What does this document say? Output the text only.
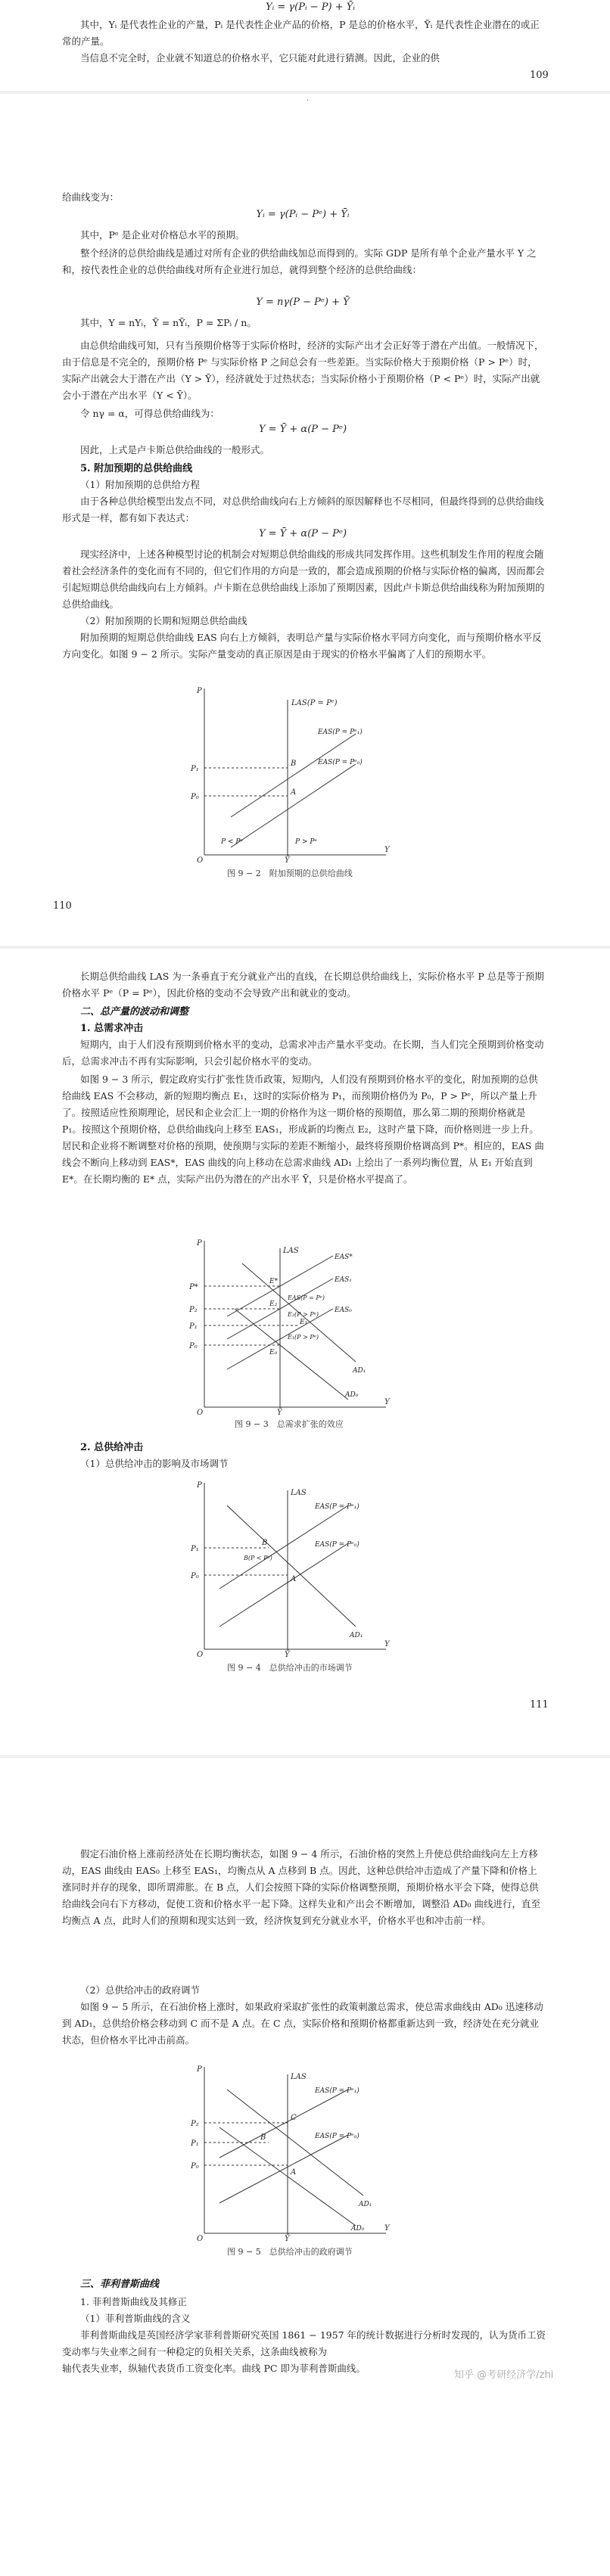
Yᵢ = γ(Pᵢ − P) + Ȳᵢ

其中，Yᵢ 是代表性企业的产量，Pᵢ 是代表性企业产品的价格，P 是总的价格水平，Ȳᵢ 是代表性企业潜在的或正常的产量。

当信息不完全时，企业就不知道总的价格水平，它只能对此进行猜测。因此，企业的供

109
·

给曲线变为：

Yᵢ = γ(Pᵢ − Pᵉ) + Ȳᵢ

其中，Pᵉ 是企业对价格总水平的预期。

整个经济的总供给曲线是通过对所有企业的供给曲线加总而得到的。实际 GDP 是所有单个企业产量水平 Y 之和，按代表性企业的总供给曲线对所有企业进行加总，就得到整个经济的总供给曲线：

Y = nγ(P − Pᵉ) + Ȳ

其中，Y = nYᵢ，Ȳ = nȲᵢ，P = ΣPᵢ / n。

由总供给曲线可知，只有当预期价格等于实际价格时，经济的实际产出才会正好等于潜在产出值。一般情况下，由于信息是不完全的，预期价格 Pᵉ 与实际价格 P 之间总会有一些差距。当实际价格大于预期价格（P > Pᵉ）时，实际产出就会大于潜在产出（Y > Ȳ），经济就处于过热状态；当实际价格小于预期价格（P < Pᵉ）时，实际产出就会小于潜在产出水平（Y < Ȳ）。

令 nγ = α，可得总供给曲线为：

Y = Ȳ + α(P − Pᵉ)

因此，上式是卢卡斯总供给曲线的一般形式。

5. 附加预期的总供给曲线

（1）附加预期的总供给方程

由于各种总供给模型出发点不同，对总供给曲线向右上方倾斜的原因解释也不尽相同，但最终得到的总供给曲线形式是一样，都有如下表达式：

Y = Ȳ + α(P − Pᵉ)

现实经济中，上述各种模型讨论的机制会对短期总供给曲线的形成共同发挥作用。这些机制发生作用的程度会随着社会经济条件的变化而有不同的，但它们作用的方向是一致的，都会造成预期的价格与实际价格的偏离，因而都会引起短期总供给曲线向右上方倾斜。卢卡斯在总供给曲线上添加了预期因素，因此卢卡斯总供给曲线称为附加预期的总供给曲线。

（2）附加预期的长期和短期总供给曲线

附加预期的短期总供给曲线 EAS 向右上方倾斜，表明总产量与实际价格水平同方向变化，而与预期价格水平反方向变化。如图 9 − 2 所示。实际产量变动的真正原因是由于现实的价格水平偏离了人们的预期水平。

LAS(P = Pᵉ)
EAS(P = Pᵉ₁)
EAS(P = Pᵉ₀)
P₁
P₀
B
A
P < Pᵉ	P > Pᵉ
P
Y
O	Ȳ
图 9 − 2　附加预期的总供给曲线
110

长期总供给曲线 LAS 为一条垂直于充分就业产出的直线，在长期总供给曲线上，实际价格水平 P 总是等于预期价格水平 Pᵉ（P = Pᵉ），因此价格的变动不会导致产出和就业的变动。

二、总产量的波动和调整

1. 总需求冲击

短期内，由于人们没有预期到价格水平的变动，总需求冲击产量水平变动。在长期，当人们完全预期到价格变动后，总需求冲击不再有实际影响，只会引起价格水平的变动。

如图 9 − 3 所示，假定政府实行扩张性货币政策，短期内，人们没有预期到价格水平的变化，附加预期的总供给曲线 EAS 不会移动，新的短期均衡点 E₁，这时的实际价格为 P₁，而预期价格仍为 P₀，P > Pᵉ，所以产量上升了。按照适应性预期理论，居民和企业会汇上一期的价格作为这一期价格的预期值，那么第二期的预期价格就是 P₁。按照这个预期价格，总供给曲线向上移至 EAS₁，形成新的均衡点 E₂，这时产量下降，而价格则进一步上升。居民和企业将不断调整对价格的预期，使预期与实际的差距不断缩小，最终将预期价格调高到 P*。相应的，EAS 曲线会不断向上移动到 EAS*，EAS 曲线的向上移动在总需求曲线 AD₁ 上绘出了一系列均衡位置，从 E₁ 开始直到 E*。在长期均衡的 E* 点，实际产出仍为潜在的产出水平 Ȳ，只是价格水平提高了。

LAS
EAS*
EAS₁
EAS₀
P*
P₂
P₁
P₀
E*
E₂
E₁
E₀
EAS(P = Pᵉ)
E₂(P > Pᵉ)
E₁(P > Pᵉ)
AD₁
AD₀
P
Y
O	Ȳ
图 9 − 3　总需求扩张的效应

2. 总供给冲击

（1）总供给冲击的影响及市场调节

LAS
EAS(P = Pᵉ₁)
EAS(P = Pᵉ₀)
P₁
P₀
B
A
B(P < Pᵉ)
AD₁
P
Y
O	Ȳ
图 9 − 4　总供给冲击的市场调节
111

假定石油价格上涨前经济处在长期均衡状态，如图 9 − 4 所示，石油价格的突然上升使总供给曲线向左上方移动，EAS 曲线由 EAS₀ 上移至 EAS₁，均衡点从 A 点移到 B 点。因此，这种总供给冲击造成了产量下降和价格上涨同时并存的现象，即所谓滞胀。在 B 点，人们会按照下降的实际价格调整预期，预期价格水平会下降，使得总供给曲线会向右下方移动，促使工资和价格水平一起下降。这样失业和产出会不断增加，调整沿 AD₀ 曲线进行，直至均衡点 A 点，此时人们的预期和现实达到一致，经济恢复到充分就业水平，价格水平也和冲击前一样。

（2）总供给冲击的政府调节

如图 9 − 5 所示，在石油价格上涨时，如果政府采取扩张性的政策刺激总需求，使总需求曲线由 AD₀ 迅速移动到 AD₁，总供给价格会移动到 C 而不是 A 点。在 C 点，实际价格和预期价格都重新达到一致，经济处在充分就业状态，但价格水平比冲击前高。

LAS
EAS(P = Pᵉ₁)
EAS(P = Pᵉ₀)
P₂
P₁
P₀
C
B
A
AD₁
AD₀
P
Y
O	Ȳ
图 9 − 5　总供给冲击的政府调节

三、菲利普斯曲线

1. 菲利普斯曲线及其修正

（1）菲利普斯曲线的含义

菲利普斯曲线是英国经济学家菲利普斯研究英国 1861 − 1957 年的统计数据进行分析时发现的，认为货币工资变动率与失业率之间有一种稳定的负相关关系，这条曲线被称为

轴代表失业率，纵轴代表货币工资变化率。曲线 PC 即为菲利普斯曲线。

知乎 @考研经济学/zhi
